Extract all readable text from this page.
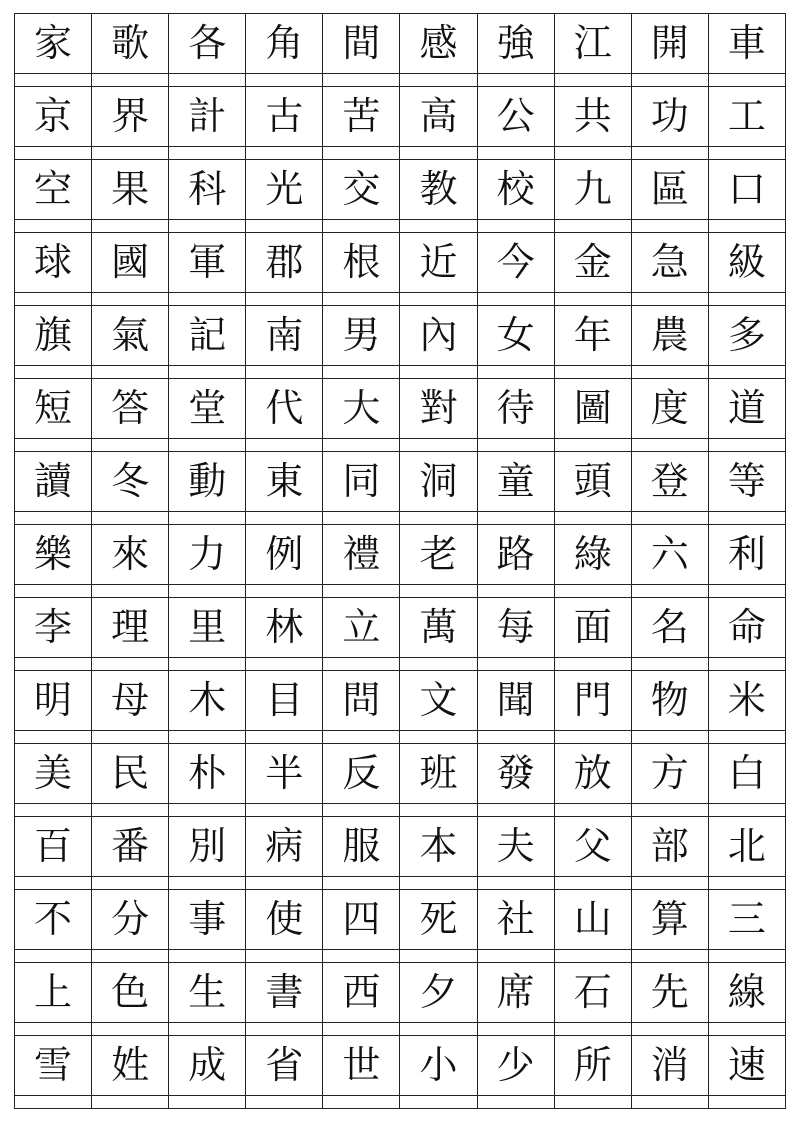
家	歌	各	角	間	感	強	江	開	車

京	界	計	古	苦	高	公	共	功	工

空	果	科	光	交	教	校	九	區	口

球	國	軍	郡	根	近	今	金	急	級

旗	氣	記	南	男	內	女	年	農	多

短	答	堂	代	大	對	待	圖	度	道

讀	冬	動	東	同	洞	童	頭	登	等

樂	來	力	例	禮	老	路	綠	六	利

李	理	里	林	立	萬	每	面	名	命

明	母	木	目	問	文	聞	門	物	米

美	民	朴	半	反	班	發	放	方	白

百	番	別	病	服	本	夫	父	部	北

不	分	事	使	四	死	社	山	算	三

上	色	生	書	西	夕	席	石	先	線

雪	姓	成	省	世	小	少	所	消	速
